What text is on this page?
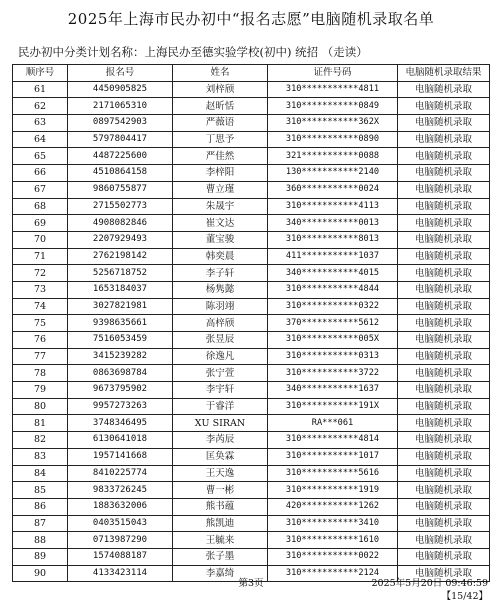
2025年上海市民办初中“报名志愿”电脑随机录取名单
民办初中分类计划名称：上海民办至德实验学校(初中) 统招 （走读）
顺序号	报名号	姓名	证件号码	电脑随机录取结果
61	4450905825	刘梓颀	310***********4811	电脑随机录取
62	2171065310	赵昕恬	310***********0849	电脑随机录取
63	0897542903	严薇语	310***********362X	电脑随机录取
64	5797804417	丁思予	310***********0890	电脑随机录取
65	4487225600	严佳然	321***********0088	电脑随机录取
66	4510864158	李梓阳	130***********2140	电脑随机录取
67	9860755877	曹立瑾	360***********0024	电脑随机录取
68	2715502773	朱晟宇	310***********4113	电脑随机录取
69	4908082846	崔文达	340***********0013	电脑随机录取
70	2207929493	董宝骏	310***********8013	电脑随机录取
71	2762198142	韩奕晨	411***********1037	电脑随机录取
72	5256718752	李子轩	340***********4015	电脑随机录取
73	1653184037	杨隽懿	310***********4844	电脑随机录取
74	3027821981	陈羽翊	310***********0322	电脑随机录取
75	9398635661	高梓颀	370***********5612	电脑随机录取
76	7516053459	张昱辰	310***********005X	电脑随机录取
77	3415239282	徐逸凡	310***********0313	电脑随机录取
78	0863698784	张宁萱	310***********3722	电脑随机录取
79	9673795902	李宇轩	340***********1637	电脑随机录取
80	9957273263	于睿洋	310***********191X	电脑随机录取
81	3748346495	XU SIRAN	RA***061	电脑随机录取
82	6130641018	李芮辰	310***********4814	电脑随机录取
83	1957141668	匡奂霖	310***********1017	电脑随机录取
84	8410225774	王天逸	310***********5616	电脑随机录取
85	9833726245	曹一彬	310***********1919	电脑随机录取
86	1883632006	熊书蕴	420***********1262	电脑随机录取
87	0403515043	熊凯迪	310***********3410	电脑随机录取
88	0713987290	王毓来	310***********1610	电脑随机录取
89	1574088187	张子墨	310***********0022	电脑随机录取
90	4133423114	李嘉绮	310***********2124	电脑随机录取
第3页	2025年5月20日 09:46:59
【15/42】
